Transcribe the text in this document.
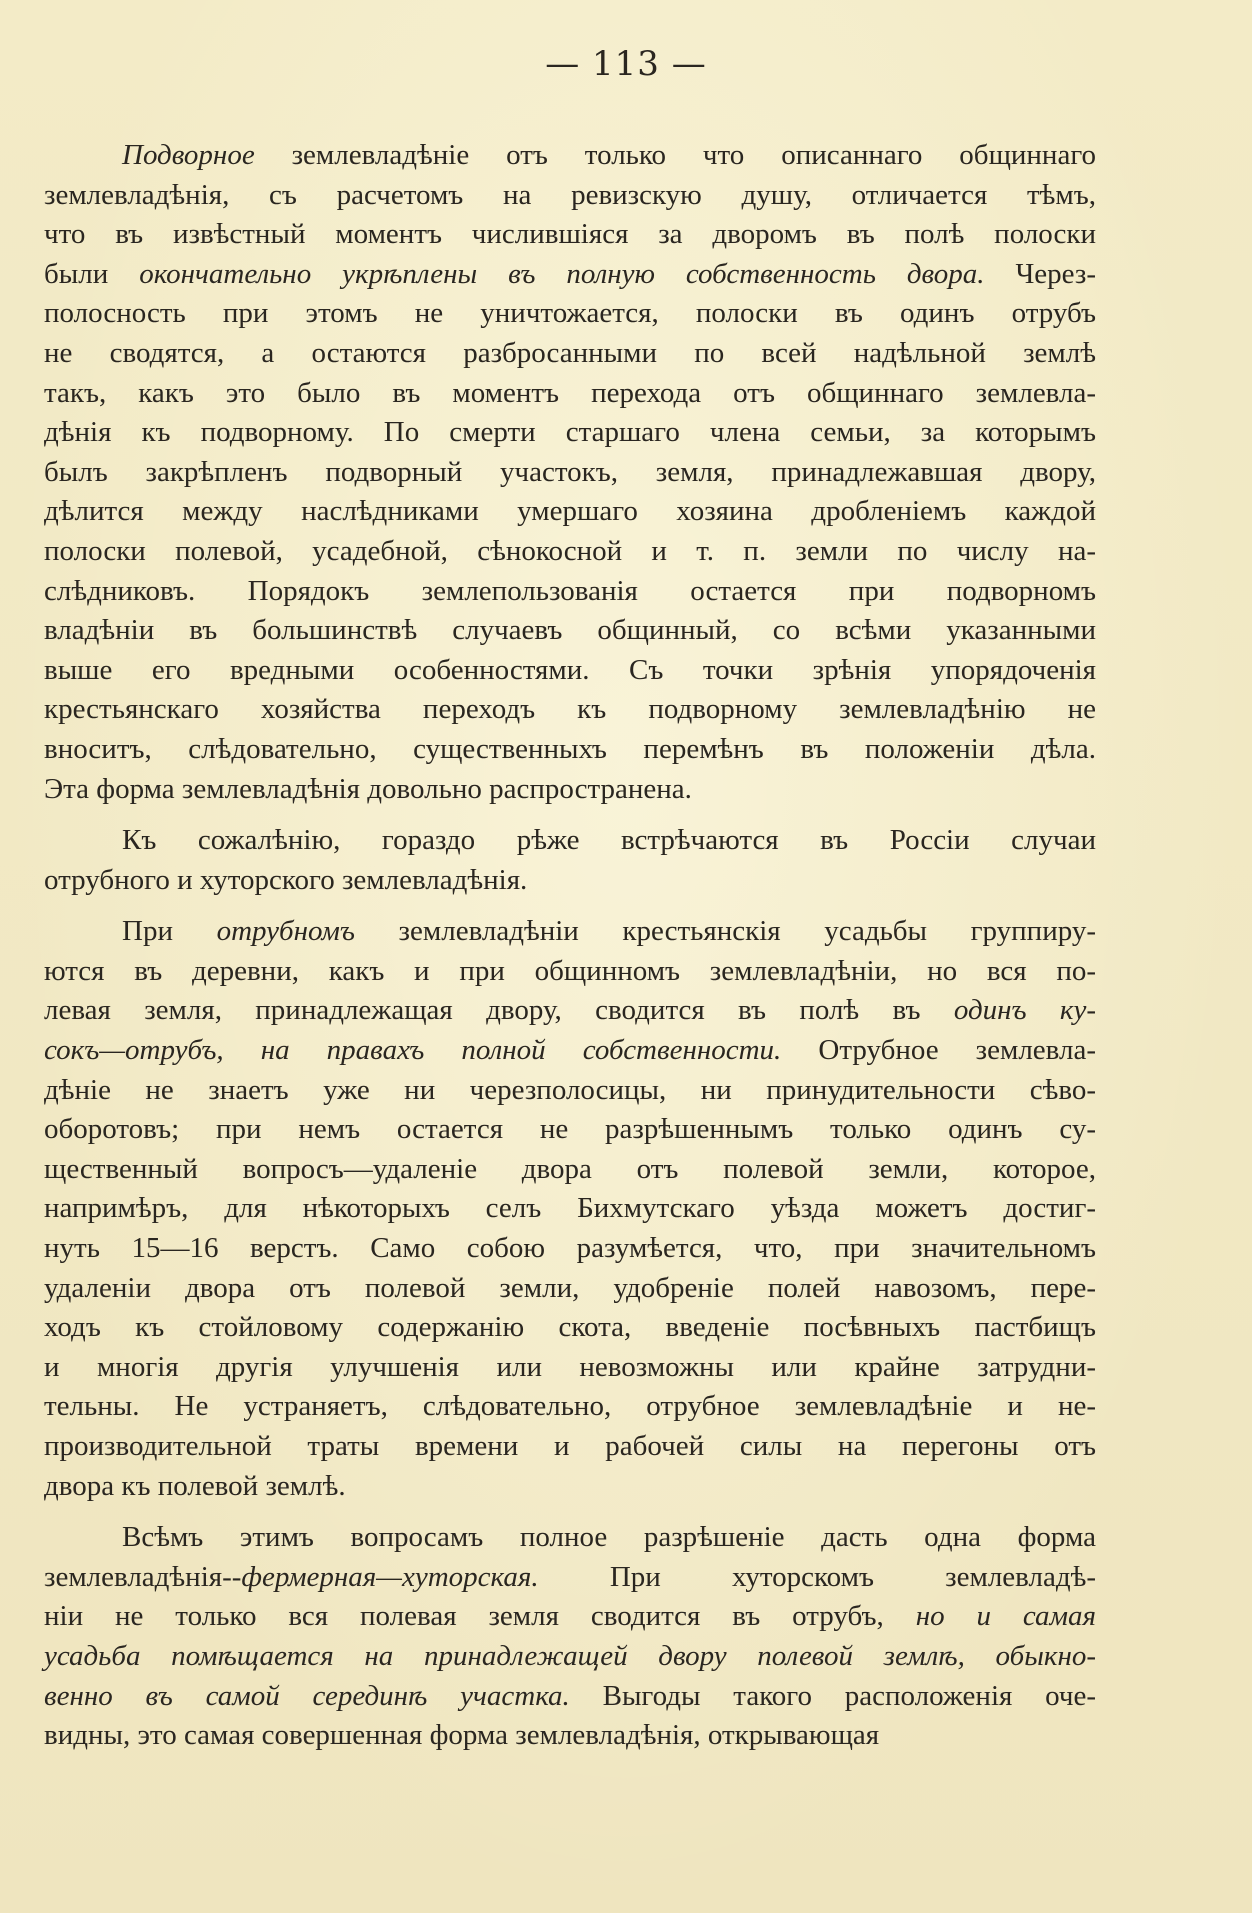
— 113 —

Подворное землевладѣніе отъ только что описаннаго общиннаго

землевладѣнія, съ расчетомъ на ревизскую душу, отличается тѣмъ,

что въ извѣстный моментъ числившіяся за дворомъ въ полѣ полоски

были окончательно укрѣплены въ полную собственность двора. Через-

полосность при этомъ не уничтожается, полоски въ одинъ отрубъ

не сводятся, а остаются разбросанными по всей надѣльной землѣ

такъ, какъ это было въ моментъ перехода отъ общиннаго землевла-

дѣнія къ подворному. По смерти старшаго члена семьи, за которымъ

былъ закрѣпленъ подворный участокъ, земля, принадлежавшая двору,

дѣлится между наслѣдниками умершаго хозяина дробленіемъ каждой

полоски полевой, усадебной, сѣнокосной и т. п. земли по числу на-

слѣдниковъ. Порядокъ землепользованія остается при подворномъ

владѣніи въ большинствѣ случаевъ общинный, со всѣми указанными

выше его вредными особенностями. Съ точки зрѣнія упорядоченія

крестьянскаго хозяйства переходъ къ подворному землевладѣнію не

вноситъ, слѣдовательно, существенныхъ перемѣнъ въ положеніи дѣла.

Эта форма землевладѣнія довольно распространена.

Къ сожалѣнію, гораздо рѣже встрѣчаются въ Россіи случаи

отрубного и хуторского землевладѣнія.

При отрубномъ землевладѣніи крестьянскія усадьбы группиру-

ются въ деревни, какъ и при общинномъ землевладѣніи, но вся по-

левая земля, принадлежащая двору, сводится въ полѣ въ одинъ ку-

сокъ—отрубъ, на правахъ полной собственности. Отрубное землевла-

дѣніе не знаетъ уже ни черезполосицы, ни принудительности сѣво-

оборотовъ; при немъ остается не разрѣшеннымъ только одинъ су-

щественный вопросъ—удаленіе двора отъ полевой земли, которое,

напримѣръ, для нѣкоторыхъ селъ Бихмутскаго уѣзда можетъ достиг-

нуть 15—16 верстъ. Само собою разумѣется, что, при значительномъ

удаленіи двора отъ полевой земли, удобреніе полей навозомъ, пере-

ходъ къ стойловому содержанію скота, введеніе посѣвныхъ пастбищъ

и многія другія улучшенія или невозможны или крайне затрудни-

тельны. Не устраняетъ, слѣдовательно, отрубное землевладѣніе и не-

производительной траты времени и рабочей силы на перегоны отъ

двора къ полевой землѣ.

Всѣмъ этимъ вопросамъ полное разрѣшеніе дасть одна форма

землевладѣнія--фермерная—хуторская. При хуторскомъ землевладѣ-

ніи не только вся полевая земля сводится въ отрубъ, но и самая

усадьба помѣщается на принадлежащей двору полевой землѣ, обыкно-

венно въ самой серединѣ участка. Выгоды такого расположенія оче-

видны, это самая совершенная форма землевладѣнія, открывающая
